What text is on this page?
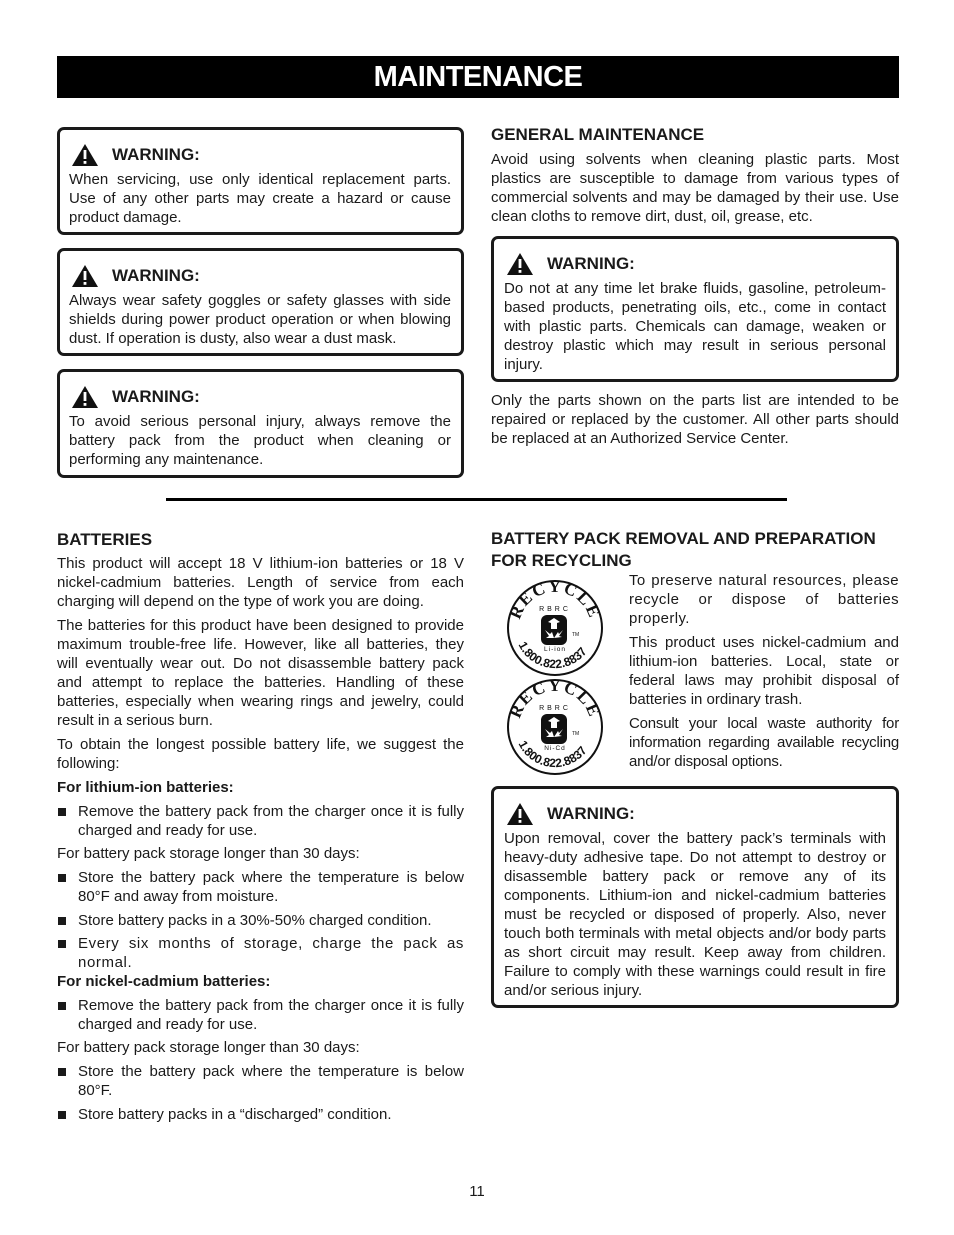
MAINTENANCE
WARNING:

When servicing, use only identical replacement parts. Use of any other parts may create a hazard or cause product damage.

WARNING:

Always wear safety goggles or safety glasses with side shields during power product operation or when blowing dust. If operation is dusty, also wear a dust mask.

WARNING:

To avoid serious personal injury, always remove the battery pack from the product when cleaning or performing any maintenance.

GENERAL MAINTENANCE

Avoid using solvents when cleaning plastic parts. Most plastics are susceptible to damage from various types of commercial solvents and may be damaged by their use. Use clean cloths to remove dirt, dust, oil, grease, etc.

WARNING:

Do not at any time let brake fluids, gasoline, petroleum-based products, penetrating oils, etc., come in contact with plastic parts. Chemicals can damage, weaken or destroy plastic which may result in serious personal injury.

Only the parts shown on the parts list are intended to be repaired or replaced by the customer. All other parts should be replaced at an Authorized Service Center.

BATTERIES

This product will accept 18 V lithium-ion batteries or 18 V nickel-cadmium batteries. Length of service from each charging will depend on the type of work you are doing.

The batteries for this product have been designed to provide maximum trouble-free life. However, like all batteries, they will eventually wear out. Do not disassemble battery pack and attempt to replace the batteries. Handling of these batteries, especially when wearing rings and jewelry, could result in a serious burn.

To obtain the longest possible battery life, we suggest the following:

For lithium-ion batteries:

Remove the battery pack from the charger once it is fully charged and ready for use.

For battery pack storage longer than 30 days:

Store the battery pack where the temperature is below 80°F and away from moisture.
Store battery packs in a 30%-50% charged condition.
Every six months of storage, charge the pack as normal.

For nickel-cadmium batteries:

Remove the battery pack from the charger once it is fully charged and ready for use.

For battery pack storage longer than 30 days:

Store the battery pack where the temperature is below 80°F.
Store battery packs in a “discharged” condition.
BATTERY PACK REMOVAL AND PREPARATION FOR RECYCLING

To preserve natural resources, please recycle or dispose of batteries properly.

This product uses nickel-cadmium and lithium-ion batteries. Local, state or federal laws may prohibit disposal of batteries in ordinary trash.

Consult your local waste authority for information regarding available recycling and/or disposal options.

RECYCLE
RBRC
TM
Li-ion
1.800.822.8837
RECYCLE
RBRC
TM
Ni-Cd
1.800.822.8837
WARNING:

Upon removal, cover the battery pack’s terminals with heavy-duty adhesive tape. Do not attempt to destroy or disassemble battery pack or remove any of its components. Lithium-ion and nickel-cadmium batteries must be recycled or disposed of properly. Also, never touch both terminals with metal objects and/or body parts as short circuit may result. Keep away from children. Failure to comply with these warnings could result in fire and/or serious injury.

11
